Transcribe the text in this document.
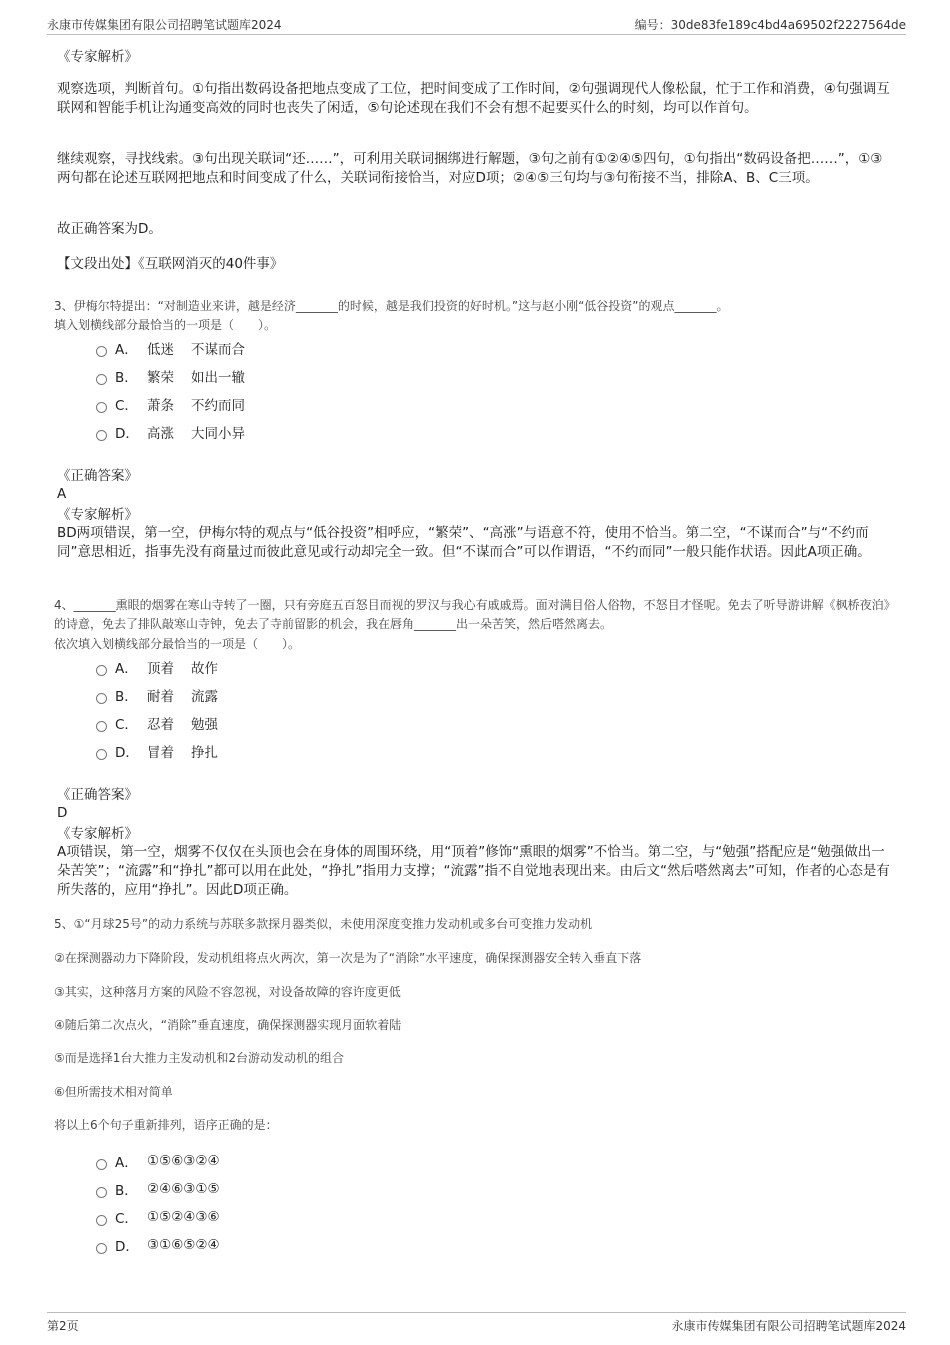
永康市传媒集团有限公司招聘笔试题库2024	编号：30de83fe189c4bd4a69502f2227564de

《专家解析》

观察选项，判断首句。①句指出数码设备把地点变成了工位，把时间变成了工作时间，②句强调现代人像松鼠，忙于工作和消费，④句强调互联网和智能手机让沟通变高效的同时也丧失了闲适，⑤句论述现在我们不会有想不起要买什么的时刻，均可以作首句。

继续观察，寻找线索。③句出现关联词“还……”，可利用关联词捆绑进行解题，③句之前有①②④⑤四句，①句指出“数码设备把……”，①③两句都在论述互联网把地点和时间变成了什么，关联词衔接恰当，对应D项；②④⑤三句均与③句衔接不当，排除A、B、C三项。

故正确答案为D。

【文段出处】《互联网消灭的40件事》

3、伊梅尔特提出：“对制造业来讲，越是经济_______的时候，越是我们投资的好时机。”这与赵小刚“低谷投资”的观点_______。

填入划横线部分最恰当的一项是（　　）。

A． 低迷	不谋而合
B． 繁荣	如出一辙
C． 萧条	不约而同
D． 高涨	大同小异

《正确答案》

A

《专家解析》

BD两项错误，第一空，伊梅尔特的观点与“低谷投资”相呼应，“繁荣”、“高涨”与语意不符，使用不恰当。第二空，“不谋而合”与“不约而同”意思相近，指事先没有商量过而彼此意见或行动却完全一致。但“不谋而合”可以作谓语，“不约而同”一般只能作状语。因此A项正确。

4、_______熏眼的烟雾在寒山寺转了一圈，只有旁庭五百怒目而视的罗汉与我心有戚戚焉。面对满目俗人俗物，不怒目才怪呢。免去了听导游讲解《枫桥夜泊》的诗意，免去了排队敲寒山寺钟，免去了寺前留影的机会，我在唇角_______出一朵苦笑，然后嗒然离去。

依次填入划横线部分最恰当的一项是（　　）。

A． 顶着	故作
B． 耐着	流露
C． 忍着	勉强
D． 冒着	挣扎

《正确答案》

D

《专家解析》

A项错误，第一空，烟雾不仅仅在头顶也会在身体的周围环绕，用“顶着”修饰“熏眼的烟雾”不恰当。第二空，与“勉强”搭配应是“勉强做出一朵苦笑”；“流露”和“挣扎”都可以用在此处，“挣扎”指用力支撑；“流露”指不自觉地表现出来。由后文“然后嗒然离去”可知，作者的心态是有所失落的，应用“挣扎”。因此D项正确。

5、①“月球25号”的动力系统与苏联多款探月器类似，未使用深度变推力发动机或多台可变推力发动机

②在探测器动力下降阶段，发动机组将点火两次，第一次是为了“消除”水平速度，确保探测器安全转入垂直下落

③其实，这种落月方案的风险不容忽视，对设备故障的容许度更低

④随后第二次点火，“消除”垂直速度，确保探测器实现月面软着陆

⑤而是选择1台大推力主发动机和2台游动发动机的组合

⑥但所需技术相对简单

将以上6个句子重新排列，语序正确的是：

A． ①⑤⑥③②④
B． ②④⑥③①⑤
C． ①⑤②④③⑥
D． ③①⑥⑤②④
第2页	永康市传媒集团有限公司招聘笔试题库2024
